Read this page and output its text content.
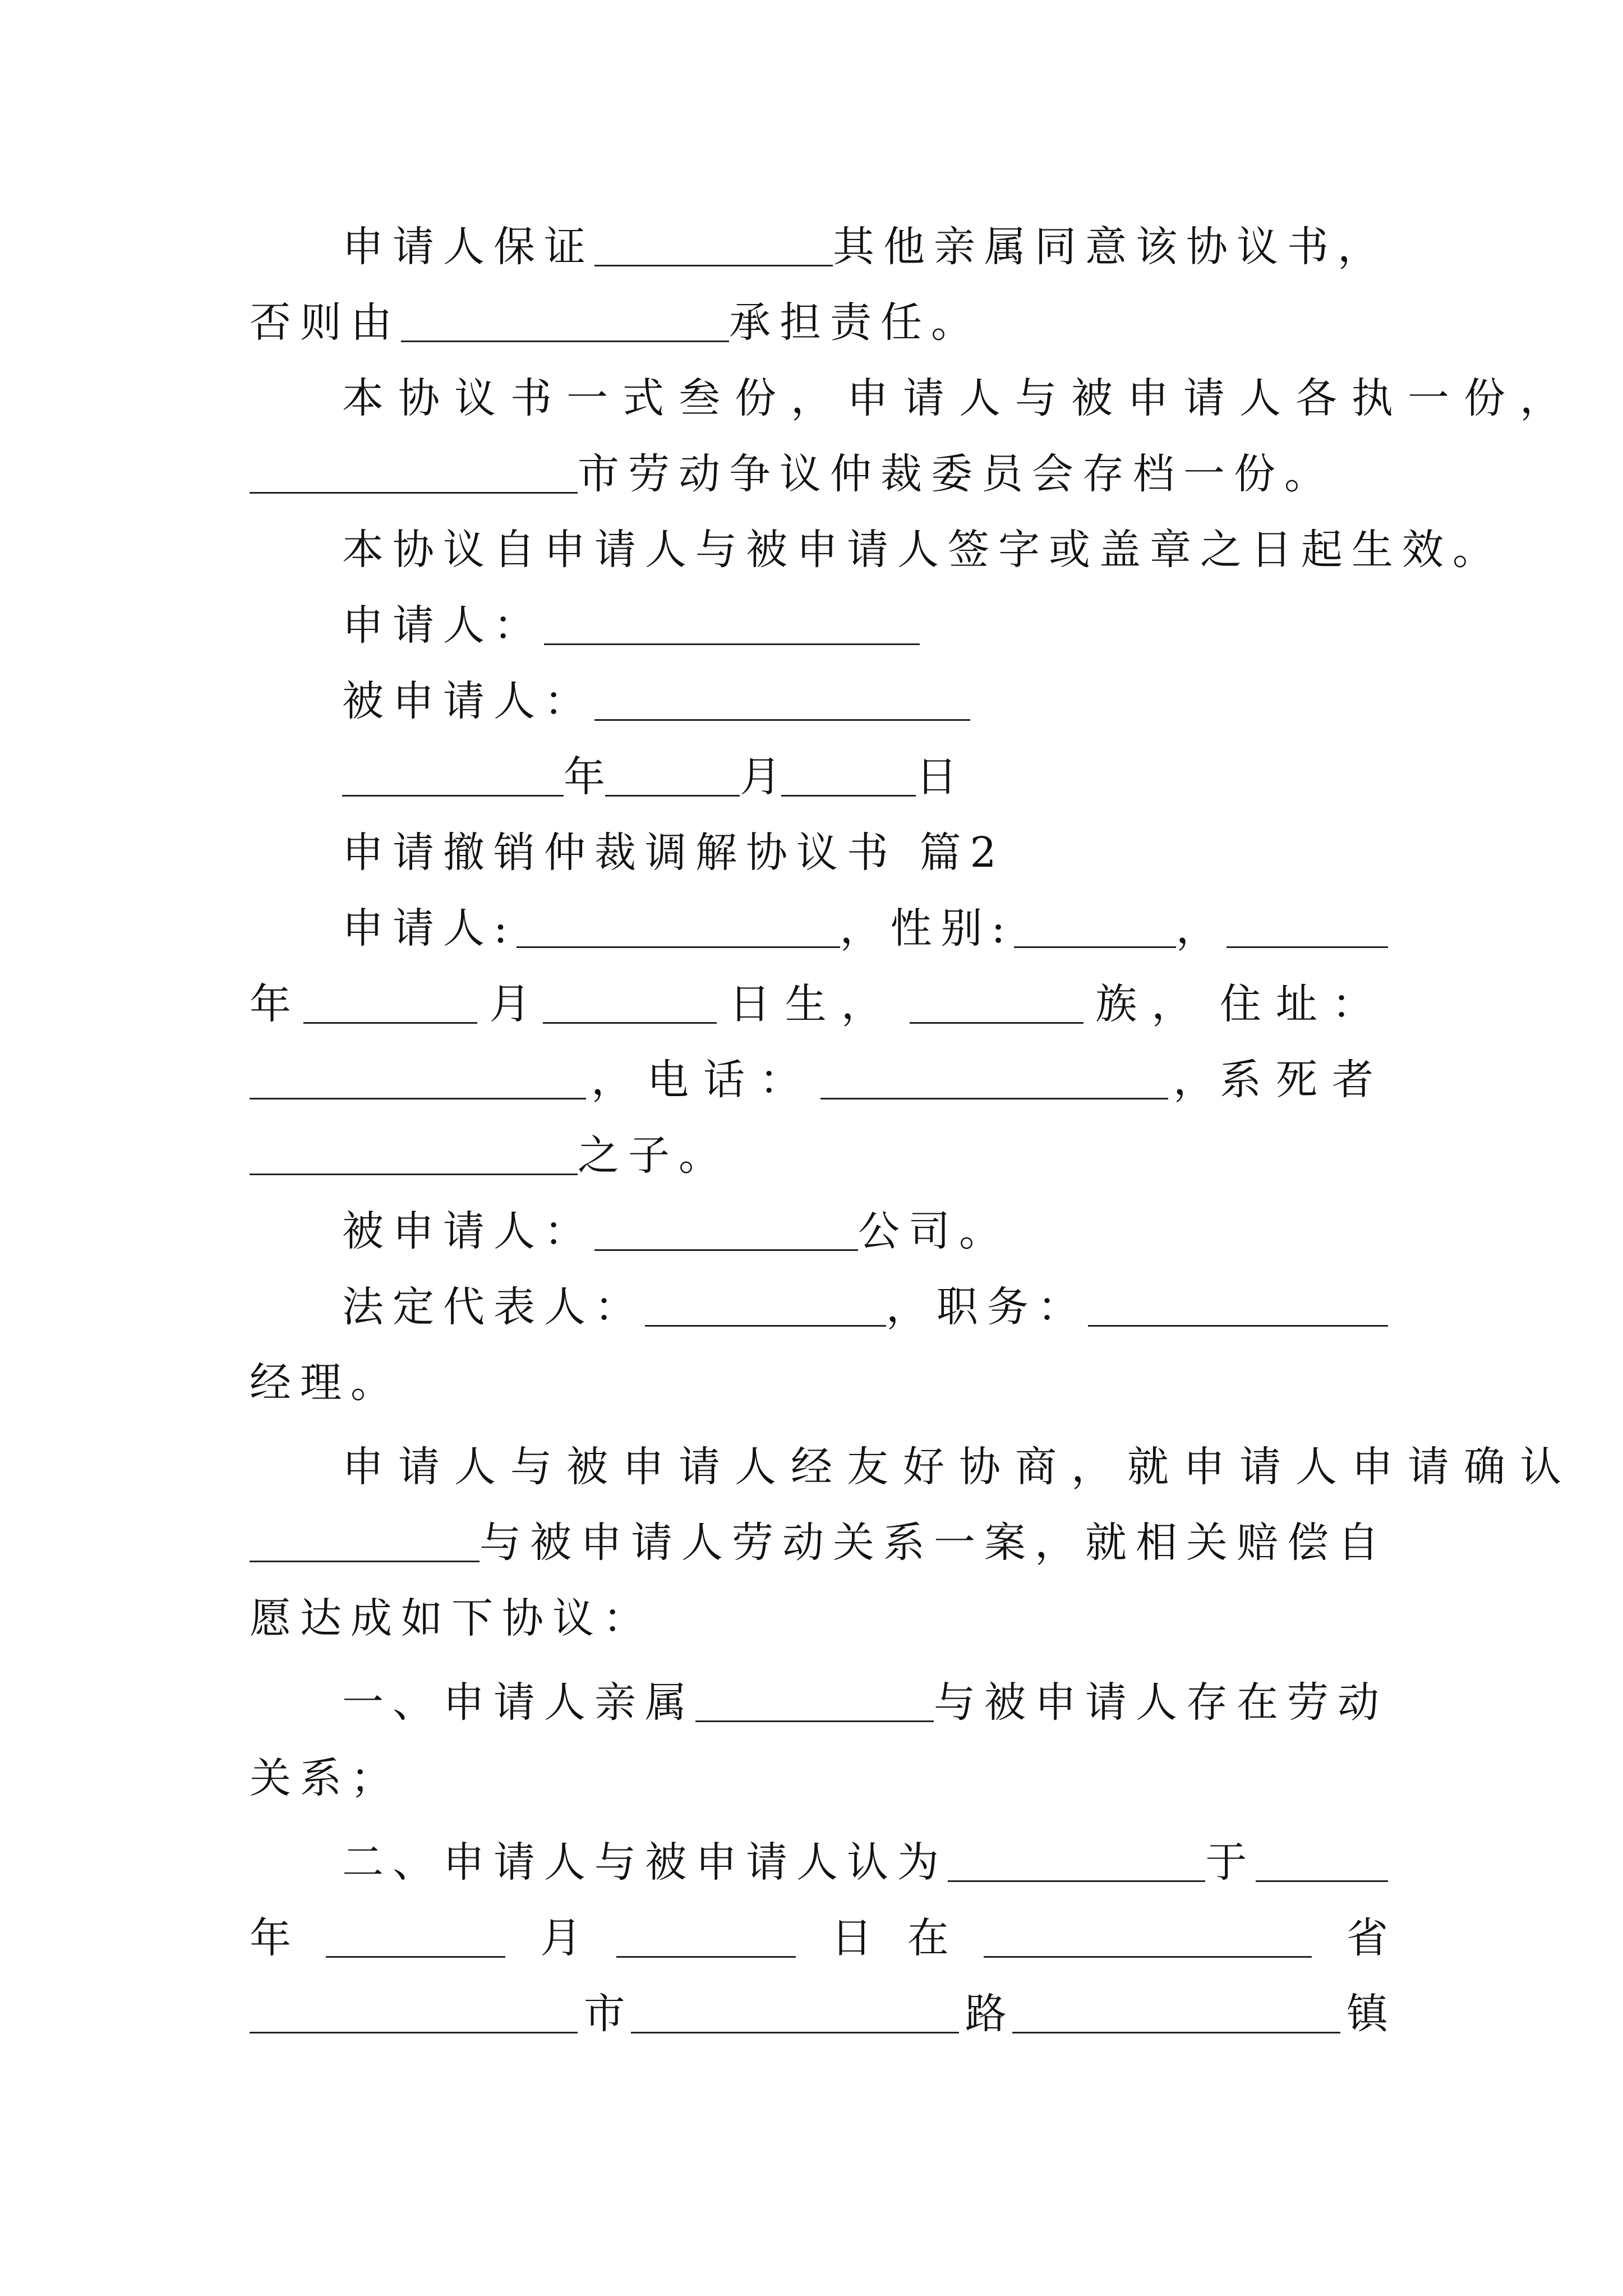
申请人保证	其他亲属同意该协议书，
否则由	承担责任。
本协议书一式叁份，申请人与被申请人各执一份，
市劳动争议仲裁委员会存档一份。
本协议自申请人与被申请人签字或盖章之日起生效。
申请人：
被申请人：
年	月	日
申请撤销仲裁调解协议书 篇2
申请人:	，性别:	，
年	月	日生，	族， 住址：
，电话：	， 系死者
之子。
被申请人：	公司。
法定代表人：	，职务：
经理。
申请人与被申请人经友好协商，就申请人申请确认
与被申请人劳动关系一案，就相关赔偿自
愿达成如下协议：
一、申请人亲属	与被申请人存在劳动
关系；
二、申请人与被申请人认为	于
年	月	日 在	省
市	路	镇
